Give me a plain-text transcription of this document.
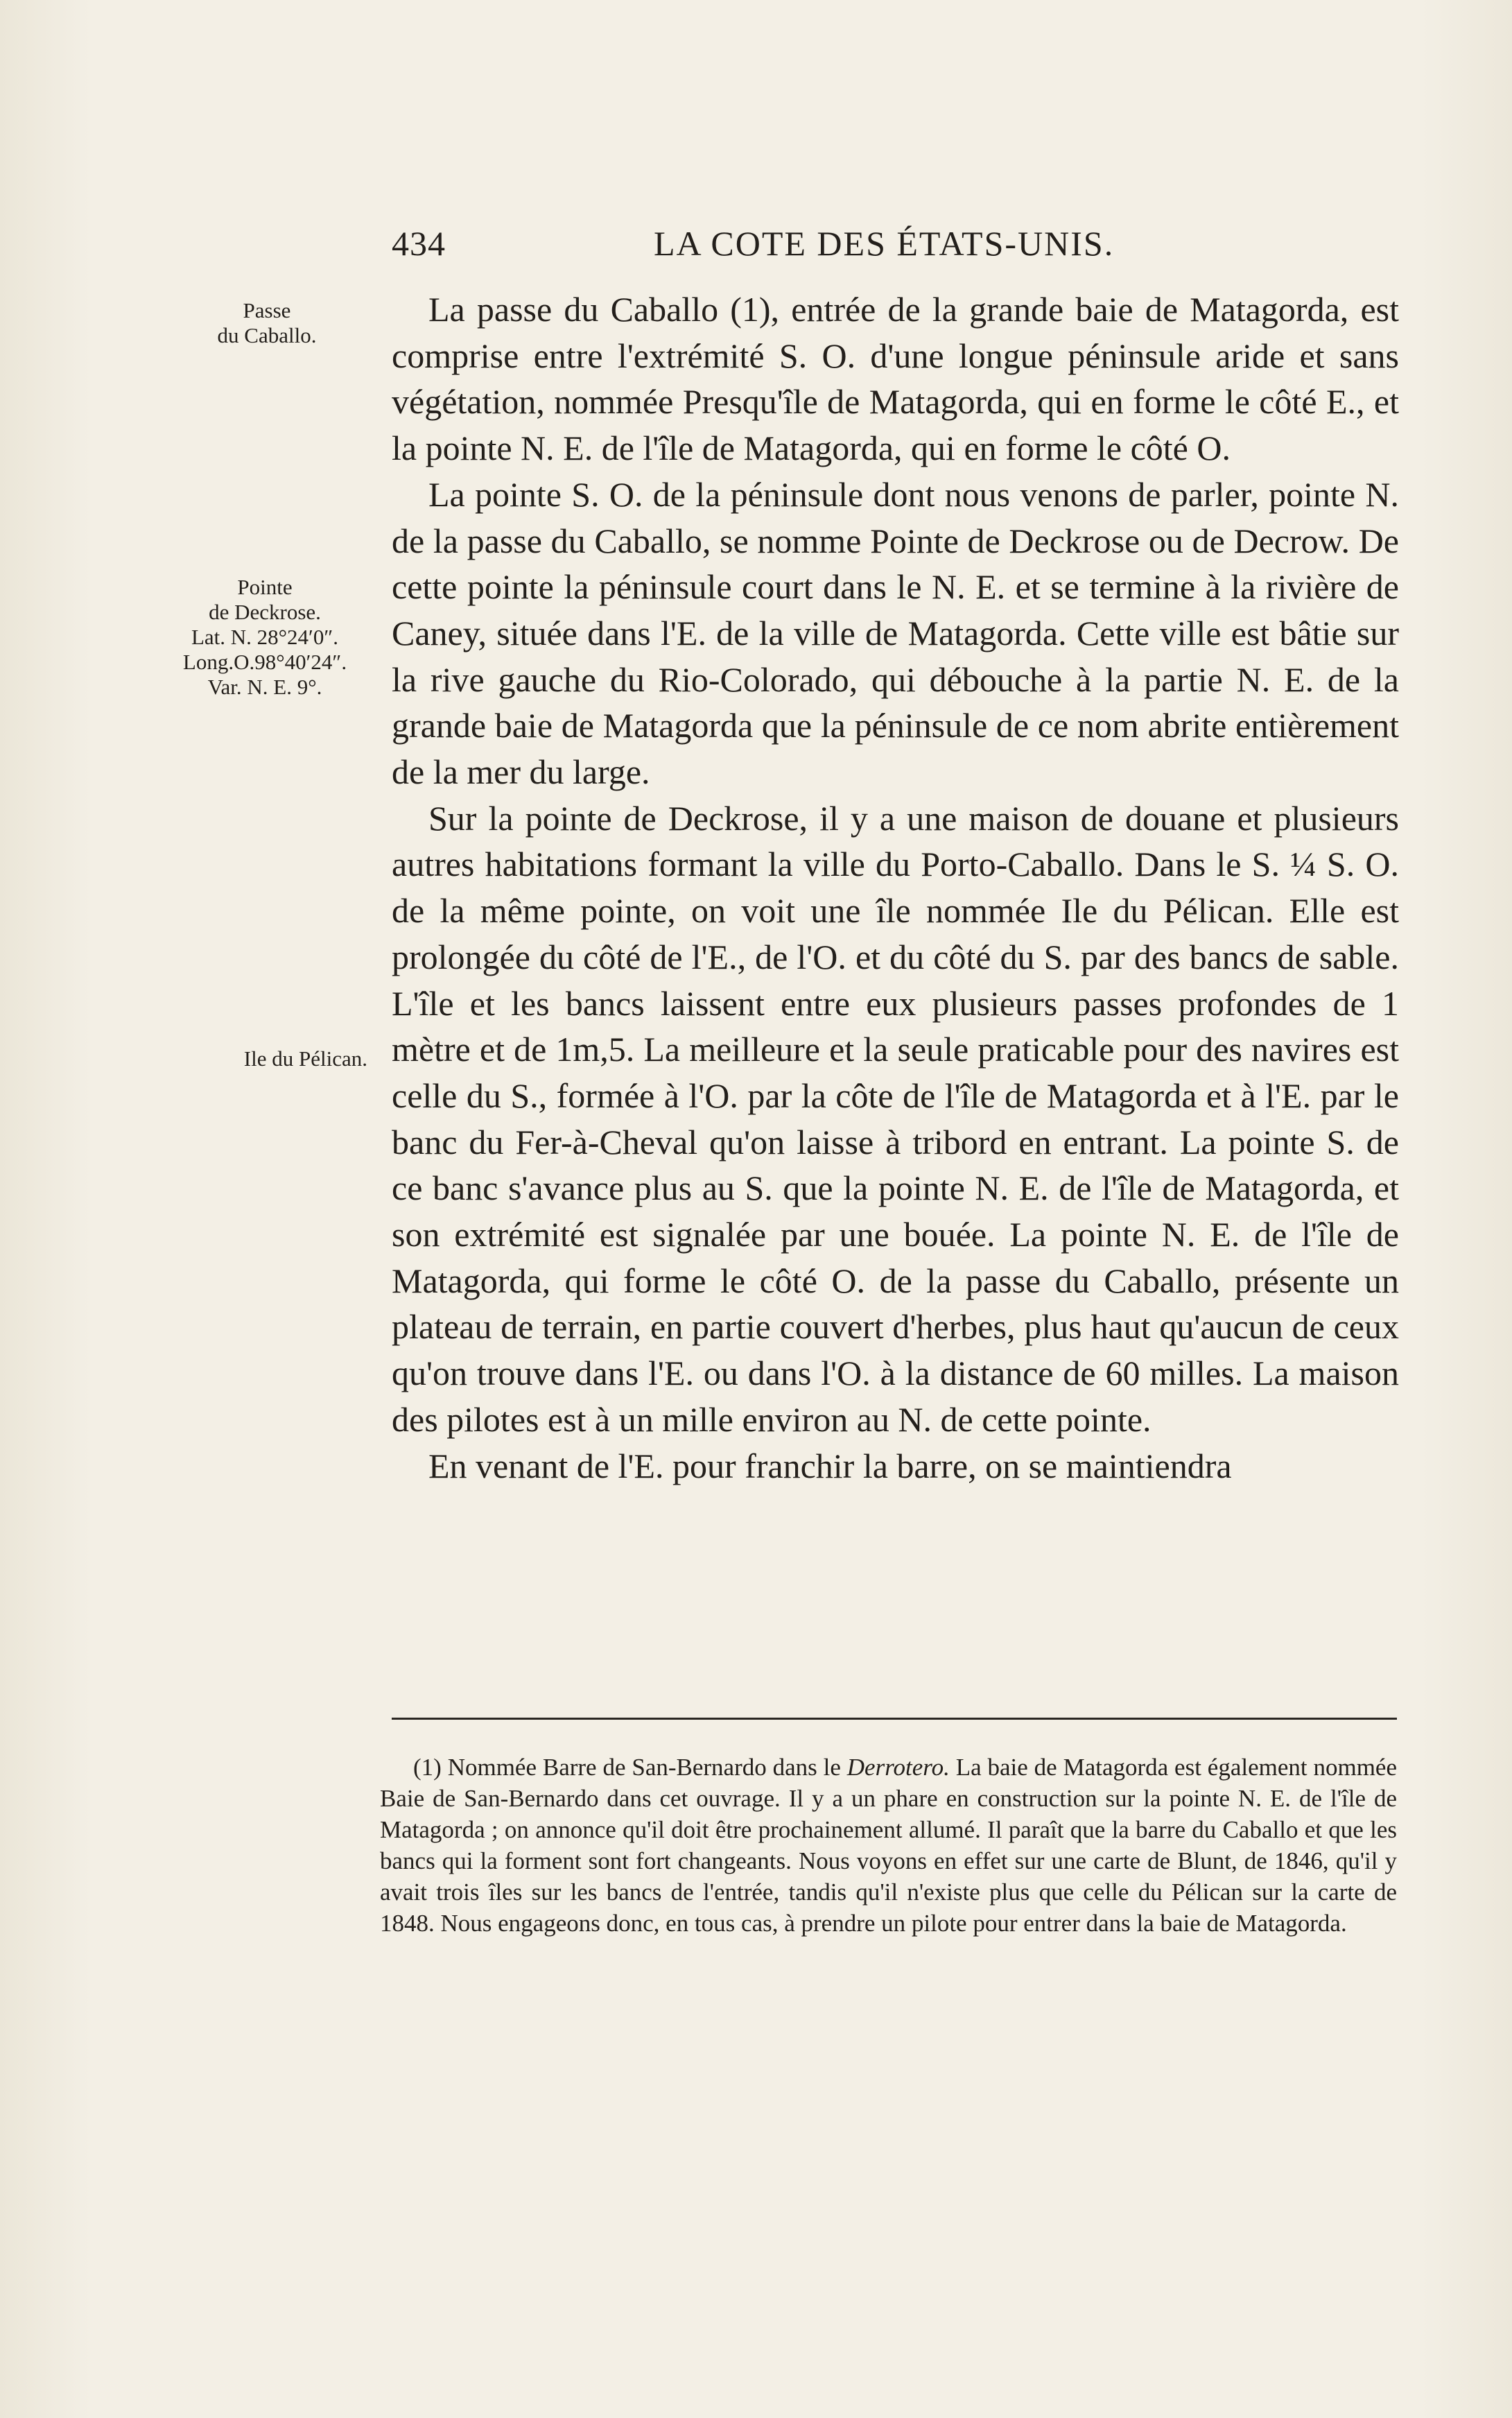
434	LA COTE DES ÉTATS-UNIS.
Passe
du Caballo.
Pointe
de Deckrose.
Lat. N. 28°24′0″.
Long.O.98°40′24″.
Var. N. E. 9°.
Ile du Pélican.

La passe du Caballo (1), entrée de la grande baie de Matagorda, est comprise entre l'extrémité S. O. d'une longue péninsule aride et sans végétation, nommée Presqu'île de Matagorda, qui en forme le côté E., et la pointe N. E. de l'île de Matagorda, qui en forme le côté O.

La pointe S. O. de la péninsule dont nous venons de parler, pointe N. de la passe du Caballo, se nomme Pointe de Deckrose ou de Decrow. De cette pointe la péninsule court dans le N. E. et se termine à la rivière de Caney, située dans l'E. de la ville de Matagorda. Cette ville est bâtie sur la rive gauche du Rio-Colorado, qui débouche à la partie N. E. de la grande baie de Matagorda que la péninsule de ce nom abrite entièrement de la mer du large.

Sur la pointe de Deckrose, il y a une maison de douane et plusieurs autres habitations formant la ville du Porto-Caballo. Dans le S. ¼ S. O. de la même pointe, on voit une île nommée Ile du Pélican. Elle est prolongée du côté de l'E., de l'O. et du côté du S. par des bancs de sable. L'île et les bancs laissent entre eux plusieurs passes profondes de 1 mètre et de 1m,5. La meilleure et la seule praticable pour des navires est celle du S., formée à l'O. par la côte de l'île de Matagorda et à l'E. par le banc du Fer-à-Cheval qu'on laisse à tribord en entrant. La pointe S. de ce banc s'avance plus au S. que la pointe N. E. de l'île de Matagorda, et son extrémité est signalée par une bouée. La pointe N. E. de l'île de Matagorda, qui forme le côté O. de la passe du Caballo, présente un plateau de terrain, en partie couvert d'herbes, plus haut qu'aucun de ceux qu'on trouve dans l'E. ou dans l'O. à la distance de 60 milles. La maison des pilotes est à un mille environ au N. de cette pointe.

En venant de l'E. pour franchir la barre, on se maintiendra

(1) Nommée Barre de San-Bernardo dans le Derrotero. La baie de Matagorda est également nommée Baie de San-Bernardo dans cet ouvrage. Il y a un phare en construction sur la pointe N. E. de l'île de Matagorda ; on annonce qu'il doit être prochainement allumé. Il paraît que la barre du Caballo et que les bancs qui la forment sont fort changeants. Nous voyons en effet sur une carte de Blunt, de 1846, qu'il y avait trois îles sur les bancs de l'entrée, tandis qu'il n'existe plus que celle du Pélican sur la carte de 1848. Nous engageons donc, en tous cas, à prendre un pilote pour entrer dans la baie de Matagorda.
